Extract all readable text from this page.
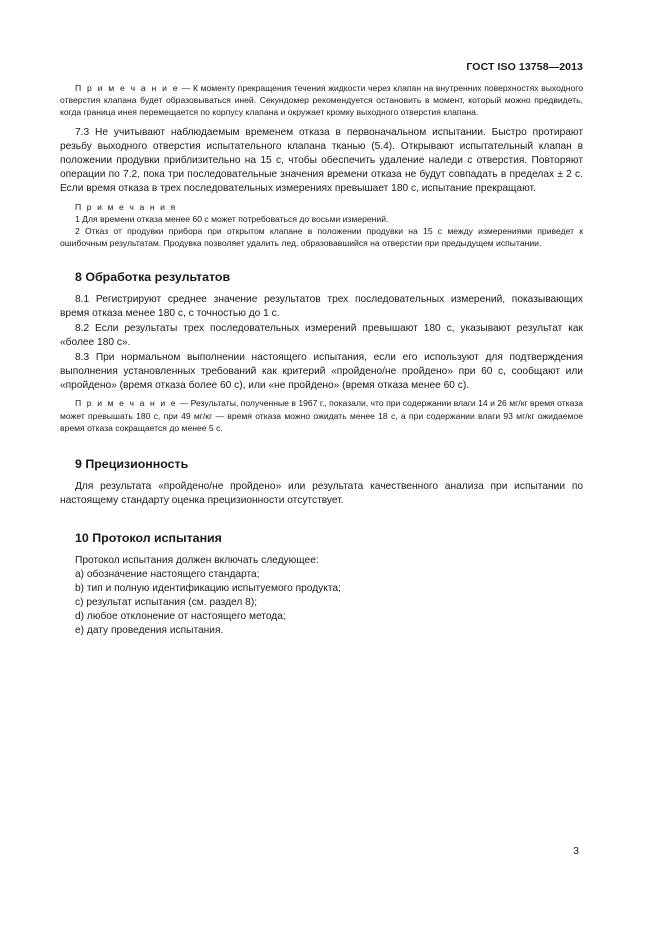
ГОСТ ISO 13758—2013

П р и м е ч а н и е — К моменту прекращения течения жидкости через клапан на внутренних поверхностях выходного отверстия клапана будет образовываться иней. Секундомер рекомендуется остановить в момент, который можно предвидеть, когда граница инея перемещается по корпусу клапана и окружает кромку выходного отверстия клапана.

7.3 Не учитывают наблюдаемым временем отказа в первоначальном испытании. Быстро протирают резьбу выходного отверстия испытательного клапана тканью (5.4). Открывают испытательный клапан в положении продувки приблизительно на 15 с, чтобы обеспечить удаление наледи с отверстия. Повторяют операции по 7.2, пока три последовательные значения времени отказа не будут совпадать в пределах ± 2 с. Если время отказа в трех последовательных измерениях превышает 180 с, испытание прекращают.

П р и м е ч а н и я

1 Для времени отказа менее 60 с может потребоваться до восьми измерений.

2 Отказ от продувки прибора при открытом клапане в положении продувки на 15 с между измерениями приведет к ошибочным результатам. Продувка позволяет удалить лед, образовавшийся на отверстии при предыдущем испытании.

8 Обработка результатов

8.1 Регистрируют среднее значение результатов трех последовательных измерений, показывающих время отказа менее 180 с, с точностью до 1 с.

8.2 Если результаты трех последовательных измерений превышают 180 с, указывают результат как «более 180 с».

8.3 При нормальном выполнении настоящего испытания, если его используют для подтверждения выполнения установленных требований как критерий «пройдено/не пройдено» при 60 с, сообщают или «пройдено» (время отказа более 60 с), или «не пройдено» (время отказа менее 60 с).

П р и м е ч а н и е — Результаты, полученные в 1967 г., показали, что при содержании влаги 14 и 26 мг/кг время отказа может превышать 180 с, при 49 мг/кг — время отказа можно ожидать менее 18 с, а при содержании влаги 93 мг/кг ожидаемое время отказа сокращается до менее 5 с.

9 Прецизионность

Для результата «пройдено/не пройдено» или результата качественного анализа при испытании по настоящему стандарту оценка прецизионности отсутствует.

10 Протокол испытания

Протокол испытания должен включать следующее:

a) обозначение настоящего стандарта;

b) тип и полную идентификацию испытуемого продукта;

c) результат испытания (см. раздел 8);

d) любое отклонение от настоящего метода;

e) дату проведения испытания.

3
